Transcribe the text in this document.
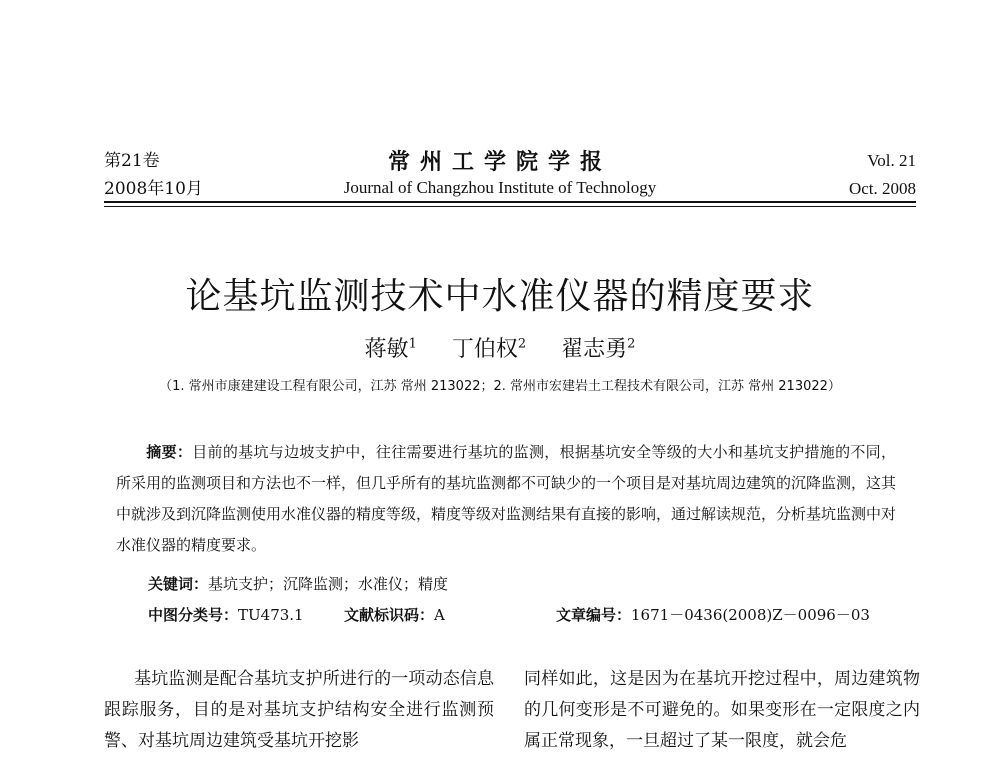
第21卷
2008年10月
常州工学院学报
Journal of Changzhou Institute of Technology
Vol. 21
Oct. 2008
论基坑监测技术中水准仪器的精度要求
蒋敏$^1$ 丁伯权$^2$ 翟志勇$^2$
（1. 常州市康建建设工程有限公司，江苏 常州 213022；2. 常州市宏建岩土工程技术有限公司，江苏 常州 213022）
摘要：目前的基坑与边坡支护中，往往需要进行基坑的监测，根据基坑安全等级的大小和基坑支护措施的不同，所采用的监测项目和方法也不一样，但几乎所有的基坑监测都不可缺少的一个项目是对基坑周边建筑的沉降监测，这其中就涉及到沉降监测使用水准仪器的精度等级，精度等级对监测结果有直接的影响，通过解读规范，分析基坑监测中对水准仪器的精度要求。
关键词：基坑支护；沉降监测；水准仪；精度
中图分类号：TU473.1	文献标识码：A	文章编号：1671－0436(2008)Z－0096－03

基坑监测是配合基坑支护所进行的一项动态信息跟踪服务，目的是对基坑支护结构安全进行监测预警、对基坑周边建筑受基坑开挖影

同样如此，这是因为在基坑开挖过程中，周边建筑物的几何变形是不可避免的。如果变形在一定限度之内属正常现象，一旦超过了某一限度，就会危
